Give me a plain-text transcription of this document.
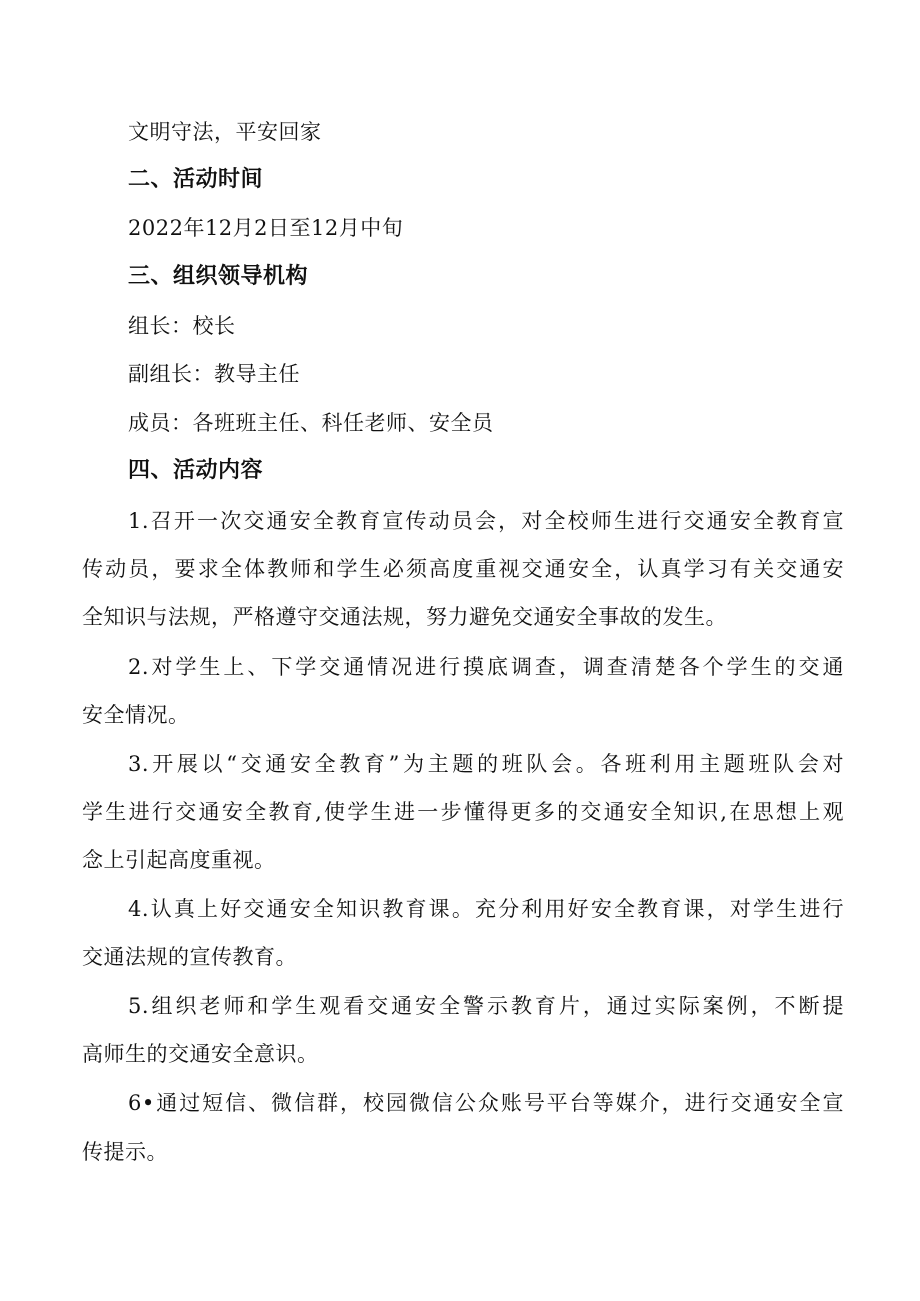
文明守法，平安回家
二、活动时间
2022年12月2日至12月中旬
三、组织领导机构
组长：校长
副组长：教导主任
成员：各班班主任、科任老师、安全员
四、活动内容
1.召开一次交通安全教育宣传动员会，对全校师生进行交通安全教育宣
传动员，要求全体教师和学生必须高度重视交通安全，认真学习有关交通安
全知识与法规，严格遵守交通法规，努力避免交通安全事故的发生。
2.对学生上、下学交通情况进行摸底调查，调查清楚各个学生的交通
安全情况。
3.开展以“交通安全教育”为主题的班队会。各班利用主题班队会对
学生进行交通安全教育,使学生进一步懂得更多的交通安全知识,在思想上观
念上引起高度重视。
4.认真上好交通安全知识教育课。充分利用好安全教育课，对学生进行
交通法规的宣传教育。
5.组织老师和学生观看交通安全警示教育片，通过实际案例，不断提
高师生的交通安全意识。
6•通过短信、微信群，校园微信公众账号平台等媒介，进行交通安全宣
传提示。
